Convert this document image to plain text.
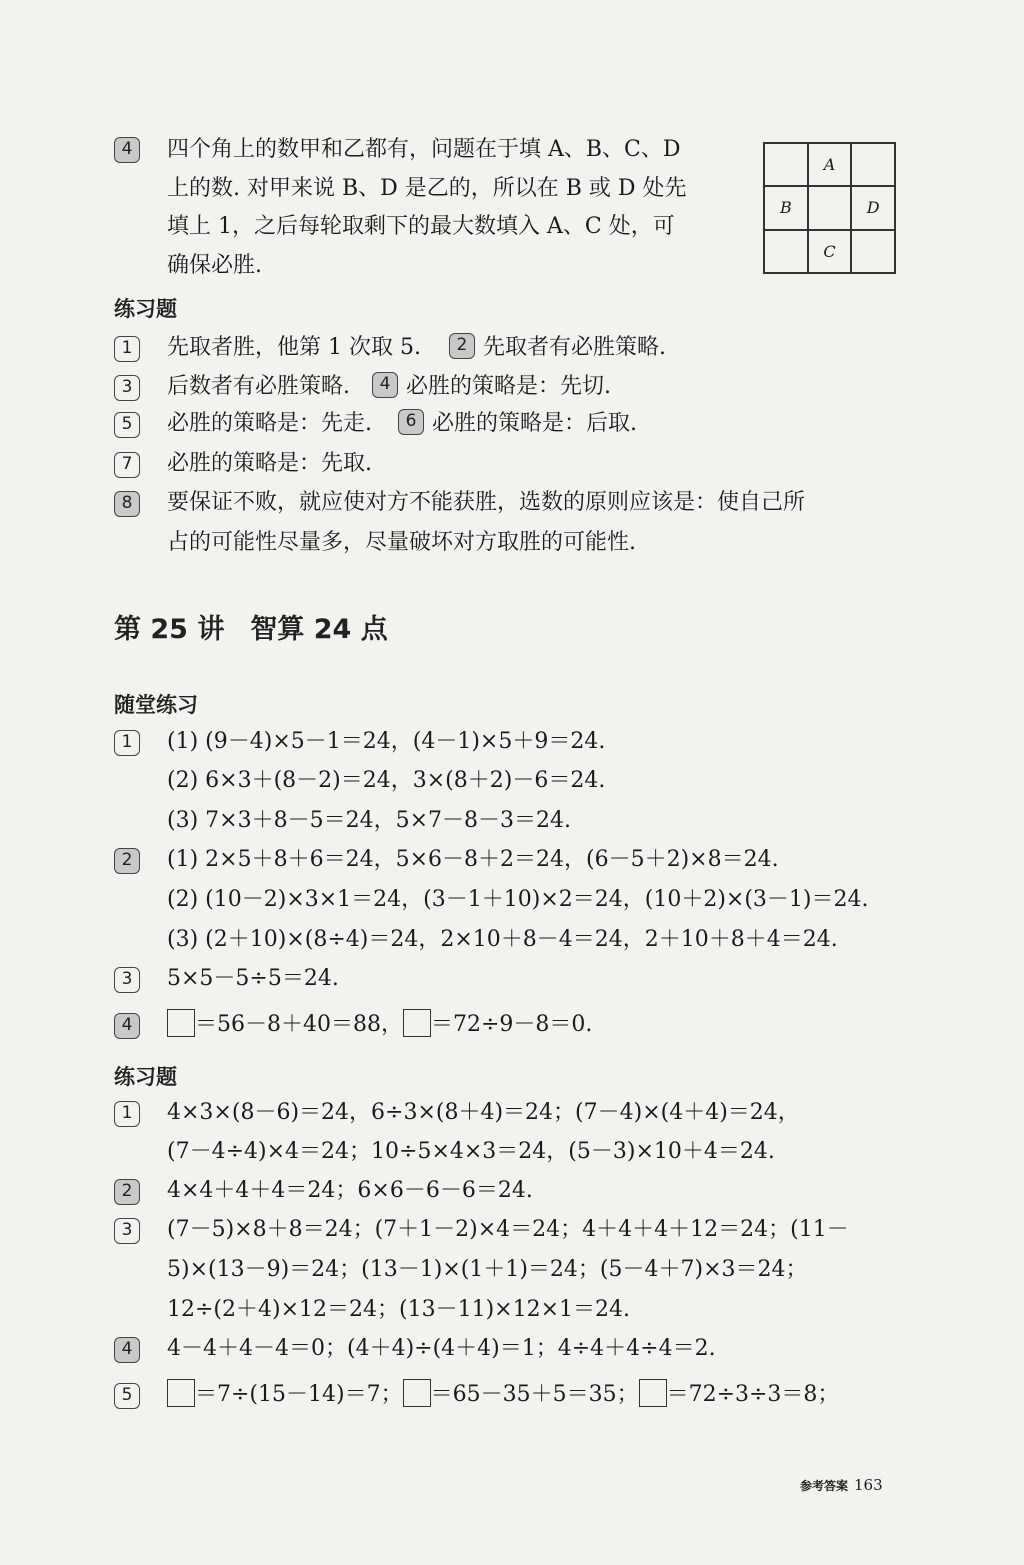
4	四个角上的数甲和乙都有，问题在于填 A、B、C、D
上的数. 对甲来说 B、D 是乙的，所以在 B 或 D 处先
填上 1，之后每轮取剩下的最大数填入 A、C 处，可
确保必胜.
A
B	D
C
练习题
1	先取者胜，他第 1 次取 5. 2 先取者有必胜策略.
3	后数者有必胜策略. 4 必胜的策略是：先切.
5	必胜的策略是：先走. 6 必胜的策略是：后取.
7	必胜的策略是：先取.
8	要保证不败，就应使对方不能获胜，选数的原则应该是：使自己所
占的可能性尽量多，尽量破坏对方取胜的可能性.
第 25 讲 智算 24 点
随堂练习
1	(1) (9－4)×5－1＝24，(4－1)×5＋9＝24.
(2) 6×3＋(8－2)＝24，3×(8＋2)－6＝24.
(3) 7×3＋8－5＝24，5×7－8－3＝24.
2	(1) 2×5＋8＋6＝24，5×6－8＋2＝24，(6－5＋2)×8＝24.
(2) (10－2)×3×1＝24，(3－1＋10)×2＝24，(10＋2)×(3－1)＝24.
(3) (2＋10)×(8÷4)＝24，2×10＋8－4＝24，2＋10＋8＋4＝24.
3	5×5－5÷5＝24.
4	＝56－8＋40＝88， ＝72÷9－8＝0.
练习题
1	4×3×(8－6)＝24，6÷3×(8＋4)＝24；(7－4)×(4＋4)＝24，
(7－4÷4)×4＝24；10÷5×4×3＝24，(5－3)×10＋4＝24.
2	4×4＋4＋4＝24；6×6－6－6＝24.
3	(7－5)×8＋8＝24；(7＋1－2)×4＝24；4＋4＋4＋12＝24；(11－
5)×(13－9)＝24；(13－1)×(1＋1)＝24；(5－4＋7)×3＝24；
12÷(2＋4)×12＝24；(13－11)×12×1＝24.
4	4－4＋4－4＝0；(4＋4)÷(4＋4)＝1；4÷4＋4÷4＝2.
5	＝7÷(15－14)＝7； ＝65－35＋5＝35； ＝72÷3÷3＝8；
参考答案 163
